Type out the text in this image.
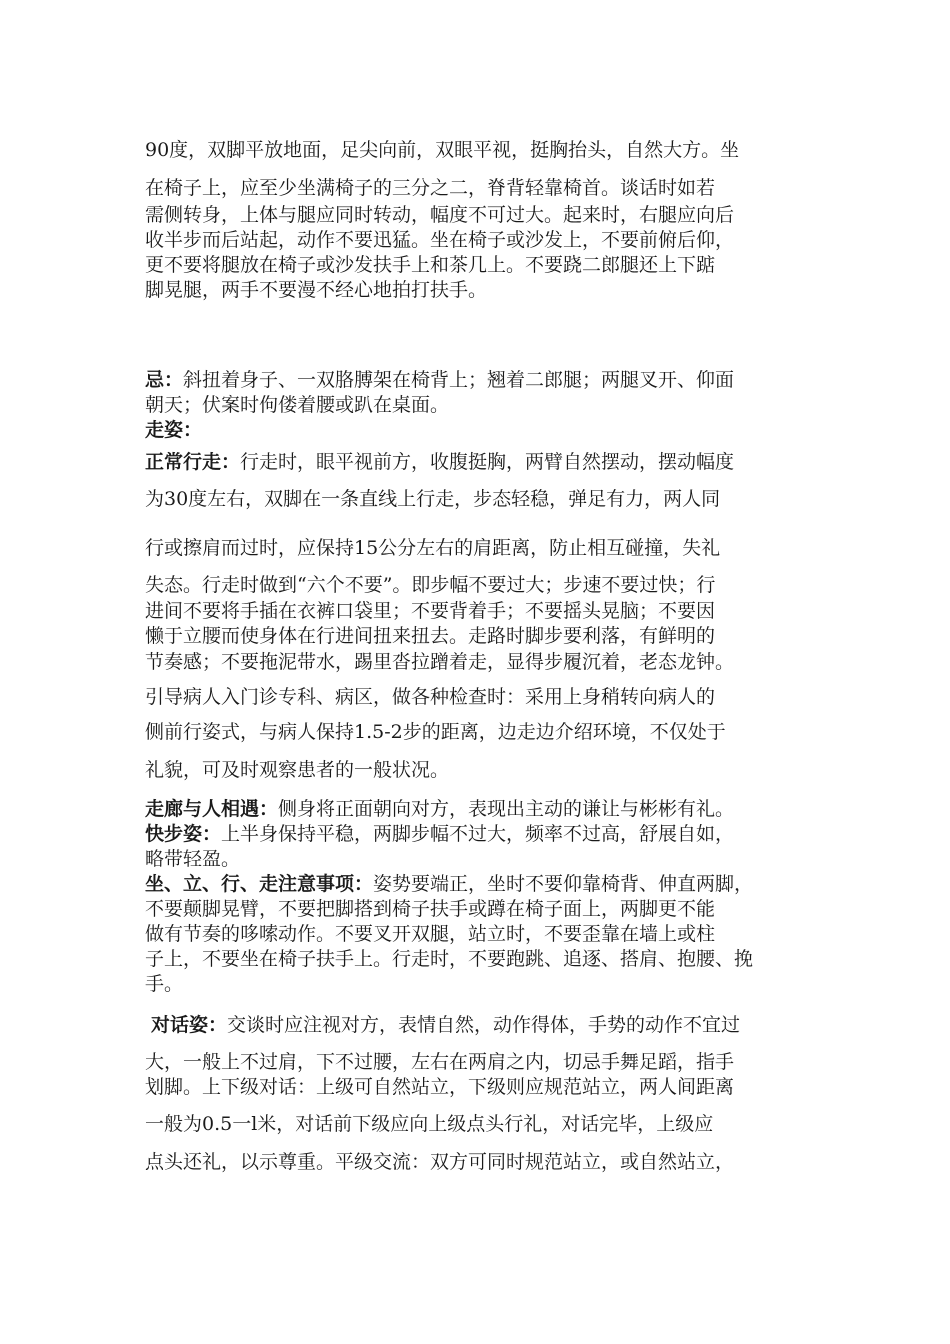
90度，双脚平放地面，足尖向前，双眼平视，挺胸抬头，自然大方。坐
在椅子上，应至少坐满椅子的三分之二，脊背轻靠椅首。谈话时如若
需侧转身，上体与腿应同时转动，幅度不可过大。起来时，右腿应向后
收半步而后站起，动作不要迅猛。坐在椅子或沙发上，不要前俯后仰，
更不要将腿放在椅子或沙发扶手上和茶几上。不要跷二郎腿还上下踮
脚晃腿，两手不要漫不经心地拍打扶手。
忌：斜扭着身子、一双胳膊架在椅背上；翘着二郎腿；两腿叉开、仰面
朝天；伏案时佝偻着腰或趴在桌面。
走姿：
正常行走：行走时，眼平视前方，收腹挺胸，两臂自然摆动，摆动幅度
为30度左右，双脚在一条直线上行走，步态轻稳，弹足有力，两人同
行或擦肩而过时，应保持15公分左右的肩距离，防止相互碰撞，失礼
失态。行走时做到“六个不要”。即步幅不要过大；步速不要过快；行
进间不要将手插在衣裤口袋里；不要背着手；不要摇头晃脑；不要因
懒于立腰而使身体在行进间扭来扭去。走路时脚步要利落，有鲜明的
节奏感；不要拖泥带水，踢里沓拉蹭着走，显得步履沉着，老态龙钟。
引导病人入门诊专科、病区，做各种检查时：采用上身稍转向病人的
侧前行姿式，与病人保持1.5-2步的距离，边走边介绍环境，不仅处于
礼貌，可及时观察患者的一般状况。
走廊与人相遇：侧身将正面朝向对方，表现出主动的谦让与彬彬有礼。
快步姿：上半身保持平稳，两脚步幅不过大，频率不过高，舒展自如，
略带轻盈。
坐、立、行、走注意事项：姿势要端正，坐时不要仰靠椅背、伸直两脚，
不要颠脚晃臂，不要把脚搭到椅子扶手或蹲在椅子面上，两脚更不能
做有节奏的哆嗦动作。不要叉开双腿，站立时，不要歪靠在墙上或柱
子上，不要坐在椅子扶手上。行走时，不要跑跳、追逐、搭肩、抱腰、挽
手。
对话姿：交谈时应注视对方，表情自然，动作得体，手势的动作不宜过
大，一般上不过肩，下不过腰，左右在两肩之内，切忌手舞足蹈，指手
划脚。上下级对话：上级可自然站立，下级则应规范站立，两人间距离
一般为0.5一l米，对话前下级应向上级点头行礼，对话完毕，上级应
点头还礼，以示尊重。平级交流：双方可同时规范站立，或自然站立，
